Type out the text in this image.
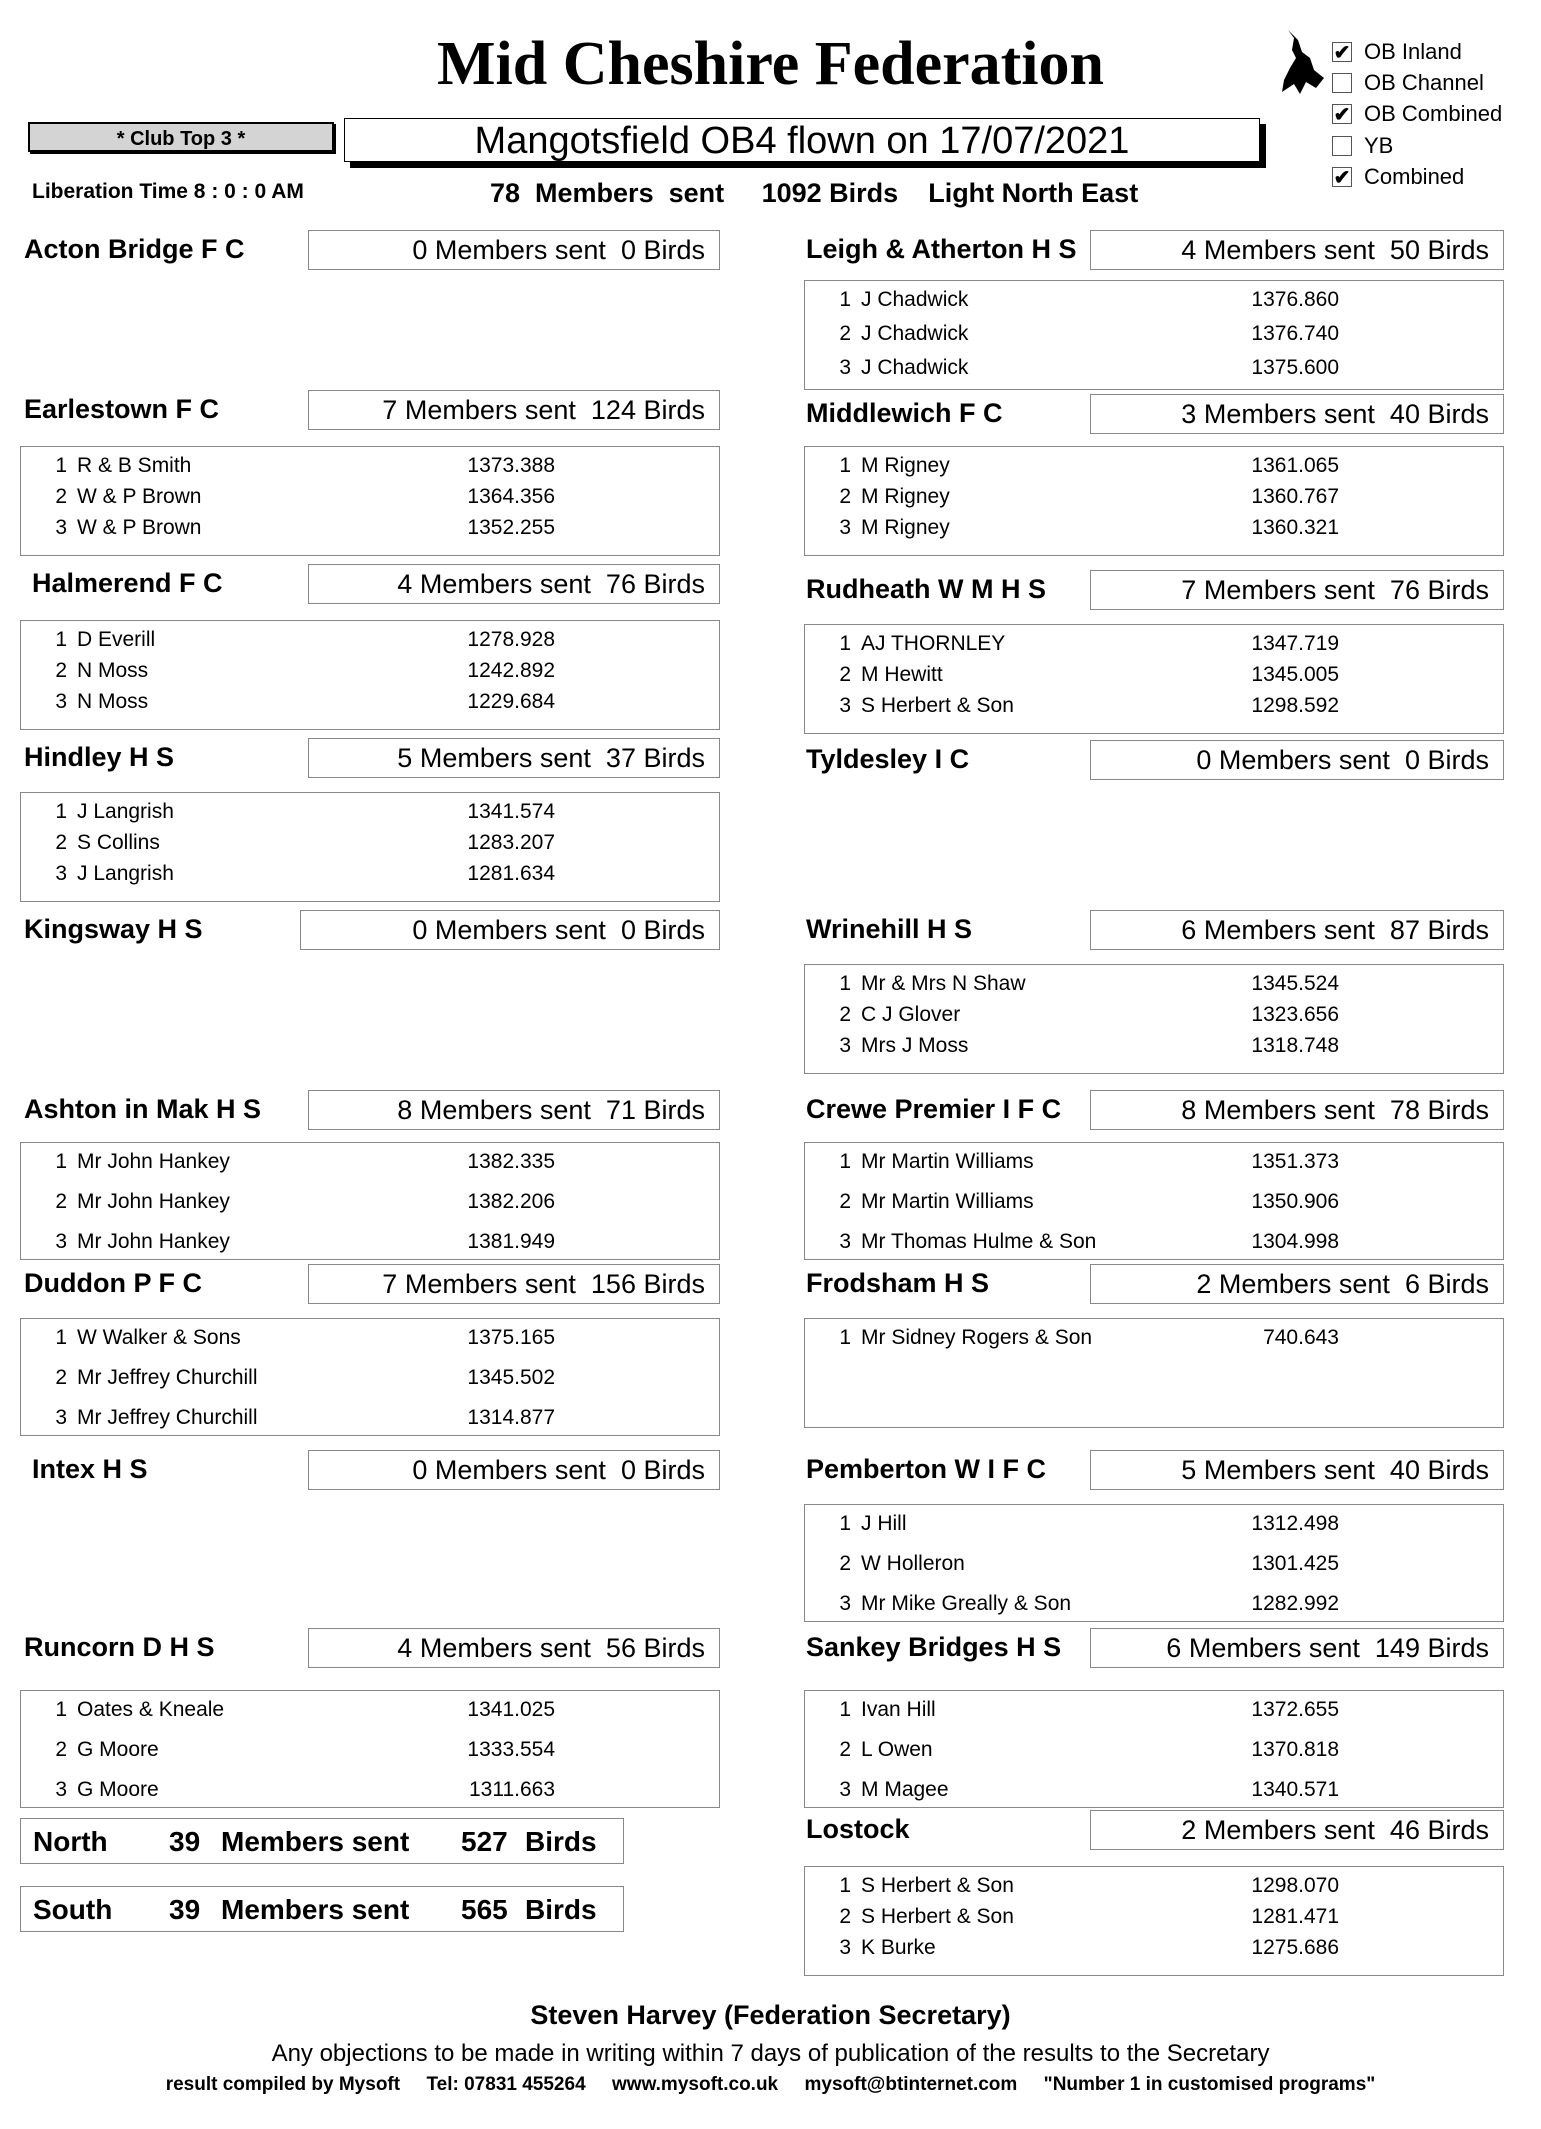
Mid Cheshire Federation
* Club Top 3 *	Mangotsfield OB4 flown on 17/07/2021
Liberation Time 8 : 0 : 0 AM	78  Members  sent     1092 Birds    Light North East
✔ OB Inland
OB Channel
✔ OB Combined
YB
✔ Combined
Acton Bridge F C	0 Members sent 0 Birds
Earlestown F C	7 Members sent 124 Birds
1 R & B Smith	1373.388
2 W & P Brown	1364.356
3 W & P Brown	1352.255
Halmerend F C	4 Members sent 76 Birds
1 D Everill	1278.928
2 N Moss	1242.892
3 N Moss	1229.684
Hindley H S	5 Members sent 37 Birds
1 J Langrish	1341.574
2 S Collins	1283.207
3 J Langrish	1281.634
Kingsway H S	0 Members sent 0 Birds
Ashton in Mak H S	8 Members sent 71 Birds
1 Mr John Hankey	1382.335
2 Mr John Hankey	1382.206
3 Mr John Hankey	1381.949
Duddon P F C	7 Members sent 156 Birds
1 W Walker & Sons	1375.165
2 Mr Jeffrey Churchill	1345.502
3 Mr Jeffrey Churchill	1314.877
Intex H S	0 Members sent 0 Birds
Runcorn D H S	4 Members sent 56 Birds
1 Oates & Kneale	1341.025
2 G Moore	1333.554
3 G Moore	1311.663
Leigh & Atherton H S	4 Members sent 50 Birds
1 J Chadwick	1376.860
2 J Chadwick	1376.740
3 J Chadwick	1375.600
Middlewich F C	3 Members sent 40 Birds
1 M Rigney	1361.065
2 M Rigney	1360.767
3 M Rigney	1360.321
Rudheath W M H S	7 Members sent 76 Birds
1 AJ THORNLEY	1347.719
2 M Hewitt	1345.005
3 S Herbert & Son	1298.592
Tyldesley I C	0 Members sent 0 Birds
Wrinehill H S	6 Members sent 87 Birds
1 Mr & Mrs N Shaw	1345.524
2 C J Glover	1323.656
3 Mrs J Moss	1318.748
Crewe Premier I F C	8 Members sent 78 Birds
1 Mr Martin Williams	1351.373
2 Mr Martin Williams	1350.906
3 Mr Thomas Hulme & Son	1304.998
Frodsham H S	2 Members sent 6 Birds
1 Mr Sidney Rogers & Son	740.643
Pemberton W I F C	5 Members sent 40 Birds
1 J Hill	1312.498
2 W Holleron	1301.425
3 Mr Mike Greally & Son	1282.992
Sankey Bridges H S	6 Members sent 149 Birds
1 Ivan Hill	1372.655
2 L Owen	1370.818
3 M Magee	1340.571
Lostock	2 Members sent 46 Birds
1 S Herbert & Son	1298.070
2 S Herbert & Son	1281.471
3 K Burke	1275.686
North 39 Members sent 527 Birds
South 39 Members sent 565 Birds
Steven Harvey (Federation Secretary)
Any objections to be made in writing within 7 days of publication of the results to the Secretary
result compiled by Mysoft     Tel: 07831 455264     www.mysoft.co.uk     mysoft@btinternet.com     "Number 1 in customised programs"
